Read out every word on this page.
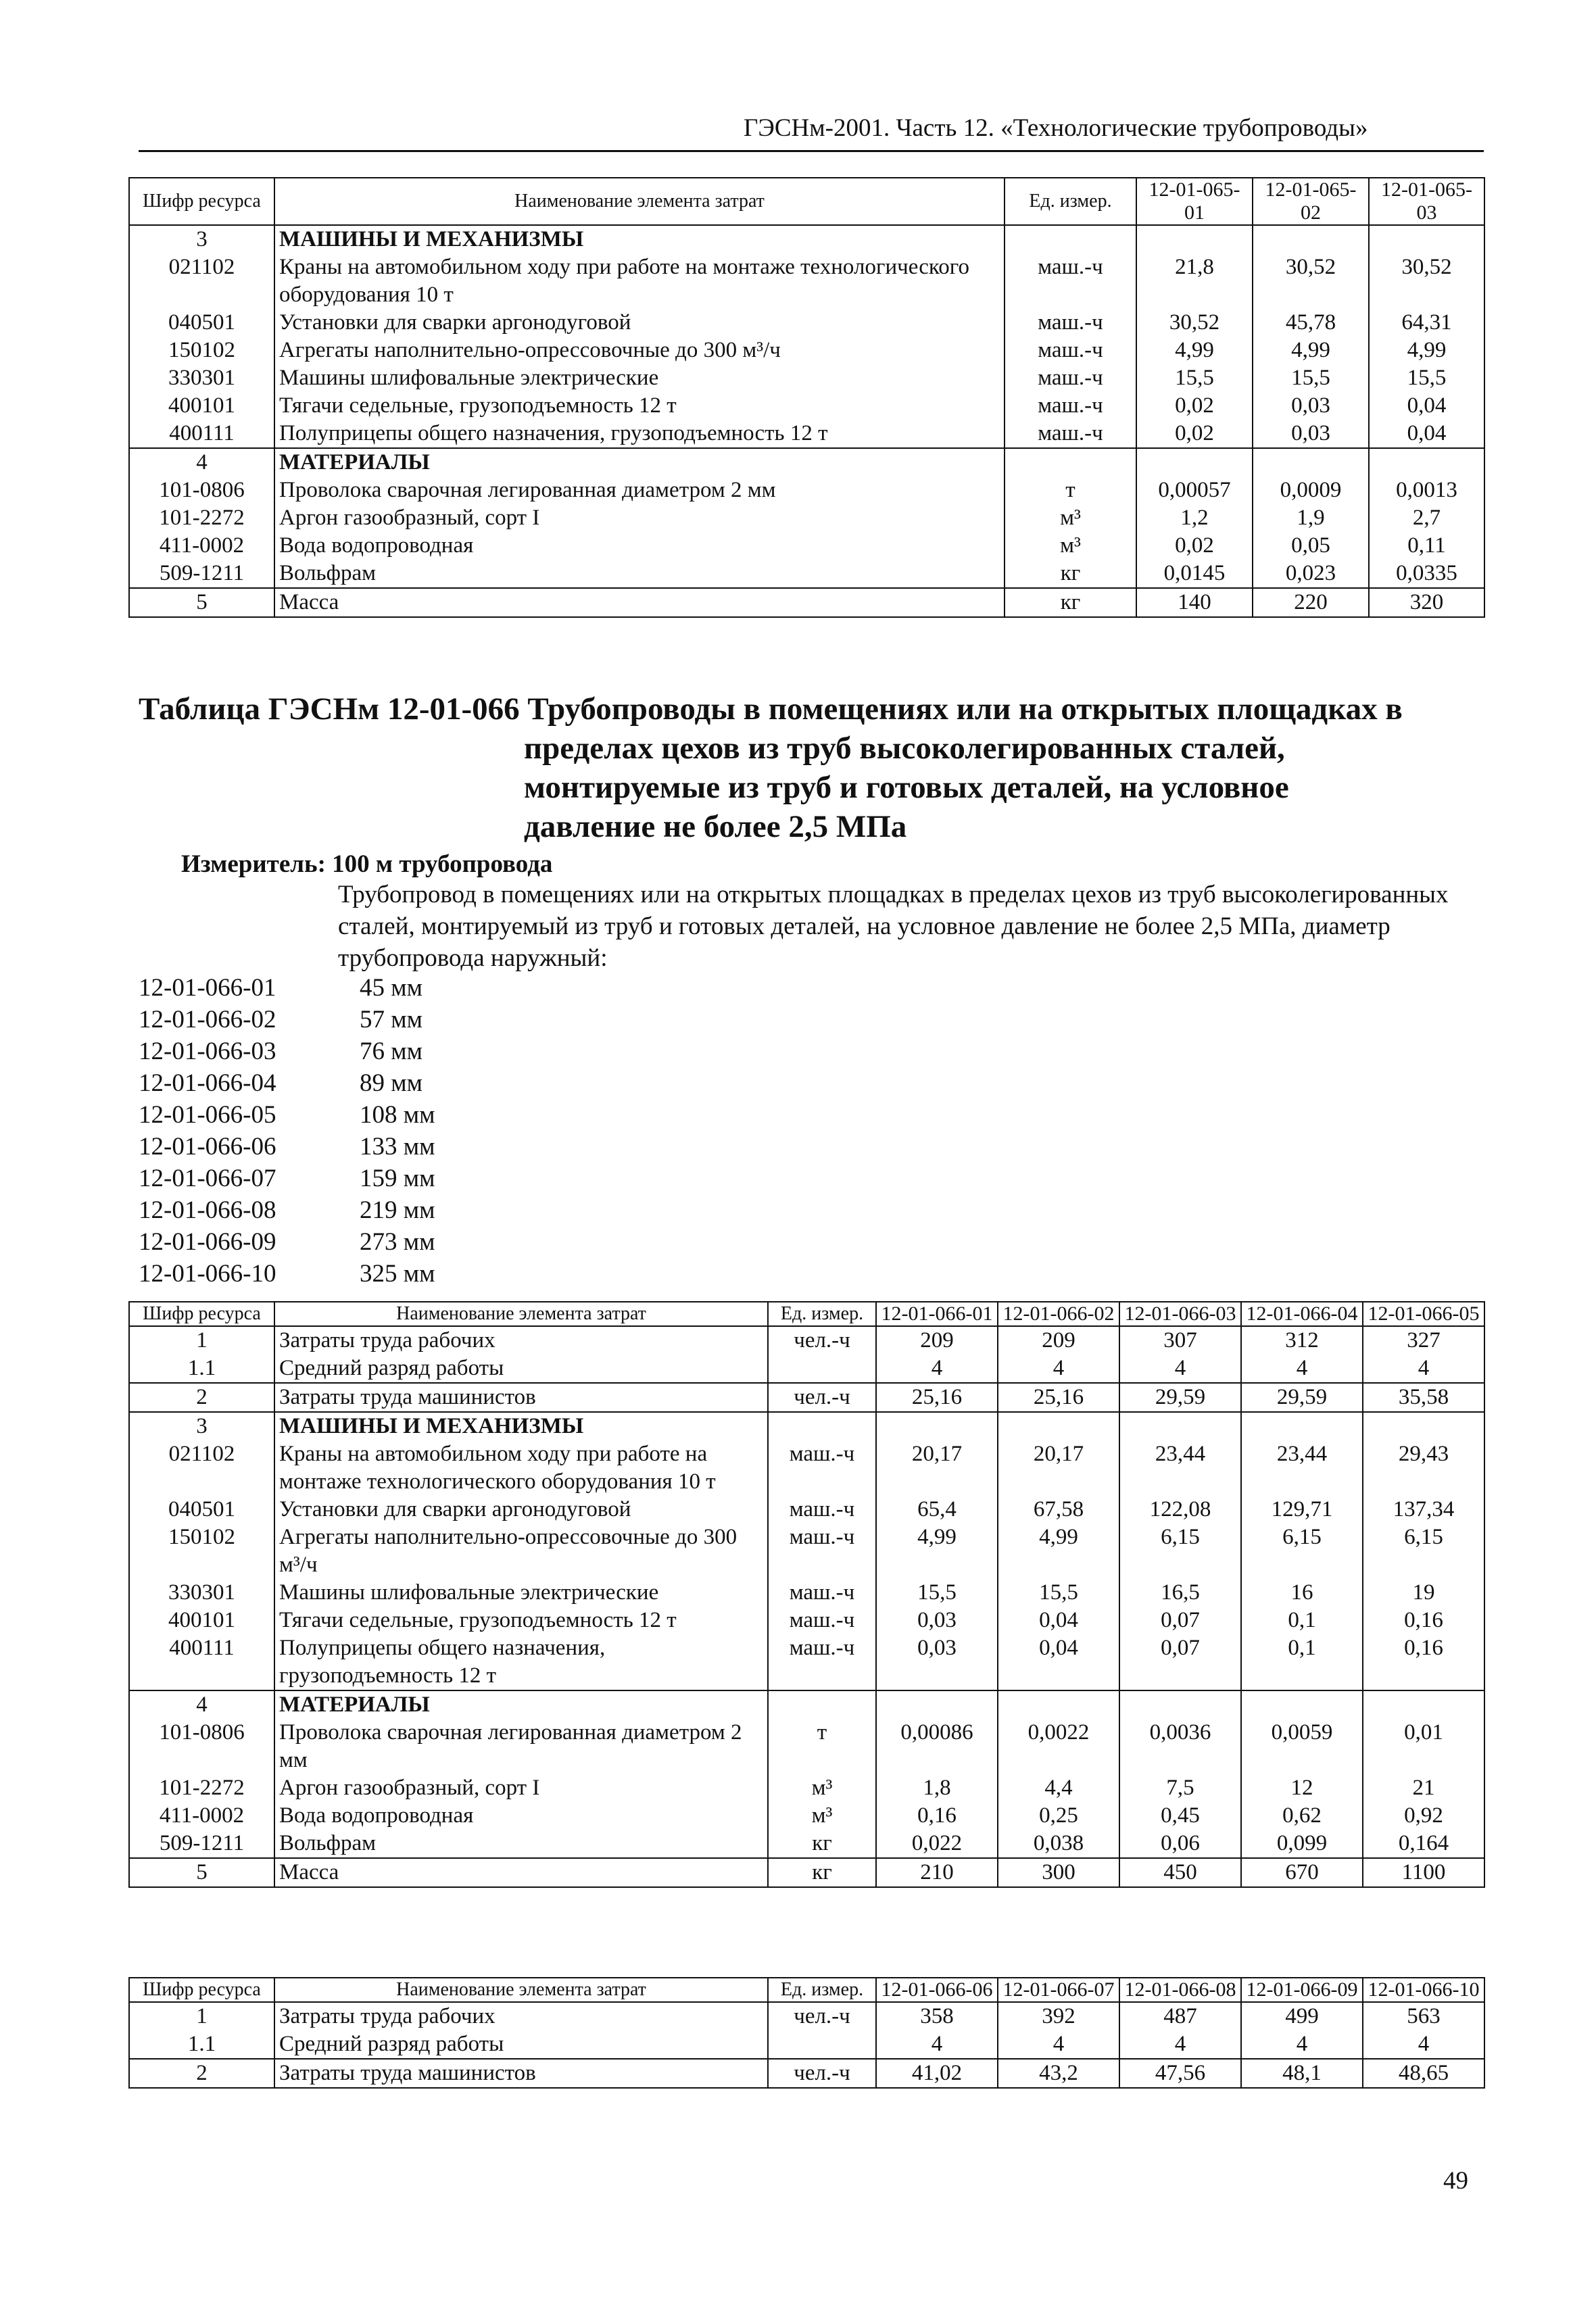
ГЭСНм-2001. Часть 12. «Технологические трубопроводы»
Шифр ресурса	Наименование элемента затрат	Ед. измер.	12-01-065-01	12-01-065-02	12-01-065-03
3	МАШИНЫ И МЕХАНИЗМЫ				
021102	Краны на автомобильном ходу при работе на монтаже технологического оборудования 10 т	маш.-ч	21,8	30,52	30,52
040501	Установки для сварки аргонодуговой	маш.-ч	30,52	45,78	64,31
150102	Агрегаты наполнительно-опрессовочные до 300 м³/ч	маш.-ч	4,99	4,99	4,99
330301	Машины шлифовальные электрические	маш.-ч	15,5	15,5	15,5
400101	Тягачи седельные, грузоподъемность 12 т	маш.-ч	0,02	0,03	0,04
400111	Полуприцепы общего назначения, грузоподъемность 12 т	маш.-ч	0,02	0,03	0,04
4	МАТЕРИАЛЫ				
101-0806	Проволока сварочная легированная диаметром 2 мм	т	0,00057	0,0009	0,0013
101-2272	Аргон газообразный, сорт I	м³	1,2	1,9	2,7
411-0002	Вода водопроводная	м³	0,02	0,05	0,11
509-1211	Вольфрам	кг	0,0145	0,023	0,0335
5	Масса	кг	140	220	320
Таблица ГЭСНм 12-01-066 Трубопроводы в помещениях или на открытых площадках в
пределах цехов из труб высоколегированных сталей,
монтируемые из труб и готовых деталей, на условное
давление не более 2,5 МПа
Измеритель: 100 м трубопровода
Трубопровод в помещениях или на открытых площадках в пределах цехов из труб высоколегированных сталей, монтируемый из труб и готовых деталей, на условное давление не более 2,5 МПа, диаметр трубопровода наружный:
12-01-066-01	45 мм
12-01-066-02	57 мм
12-01-066-03	76 мм
12-01-066-04	89 мм
12-01-066-05	108 мм
12-01-066-06	133 мм
12-01-066-07	159 мм
12-01-066-08	219 мм
12-01-066-09	273 мм
12-01-066-10	325 мм
Шифр ресурса	Наименование элемента затрат	Ед. измер.	12-01-066-01	12-01-066-02	12-01-066-03	12-01-066-04	12-01-066-05
1	Затраты труда рабочих	чел.-ч	209	209	307	312	327
1.1	Средний разряд работы		4	4	4	4	4
2	Затраты труда машинистов	чел.-ч	25,16	25,16	29,59	29,59	35,58
3	МАШИНЫ И МЕХАНИЗМЫ						
021102	Краны на автомобильном ходу при работе на монтаже технологического оборудования 10 т	маш.-ч	20,17	20,17	23,44	23,44	29,43
040501	Установки для сварки аргонодуговой	маш.-ч	65,4	67,58	122,08	129,71	137,34
150102	Агрегаты наполнительно-опрессовочные до 300 м³/ч	маш.-ч	4,99	4,99	6,15	6,15	6,15
330301	Машины шлифовальные электрические	маш.-ч	15,5	15,5	16,5	16	19
400101	Тягачи седельные, грузоподъемность 12 т	маш.-ч	0,03	0,04	0,07	0,1	0,16
400111	Полуприцепы общего назначения, грузоподъемность 12 т	маш.-ч	0,03	0,04	0,07	0,1	0,16
4	МАТЕРИАЛЫ						
101-0806	Проволока сварочная легированная диаметром 2 мм	т	0,00086	0,0022	0,0036	0,0059	0,01
101-2272	Аргон газообразный, сорт I	м³	1,8	4,4	7,5	12	21
411-0002	Вода водопроводная	м³	0,16	0,25	0,45	0,62	0,92
509-1211	Вольфрам	кг	0,022	0,038	0,06	0,099	0,164
5	Масса	кг	210	300	450	670	1100
Шифр ресурса	Наименование элемента затрат	Ед. измер.	12-01-066-06	12-01-066-07	12-01-066-08	12-01-066-09	12-01-066-10
1	Затраты труда рабочих	чел.-ч	358	392	487	499	563
1.1	Средний разряд работы		4	4	4	4	4
2	Затраты труда машинистов	чел.-ч	41,02	43,2	47,56	48,1	48,65
49
